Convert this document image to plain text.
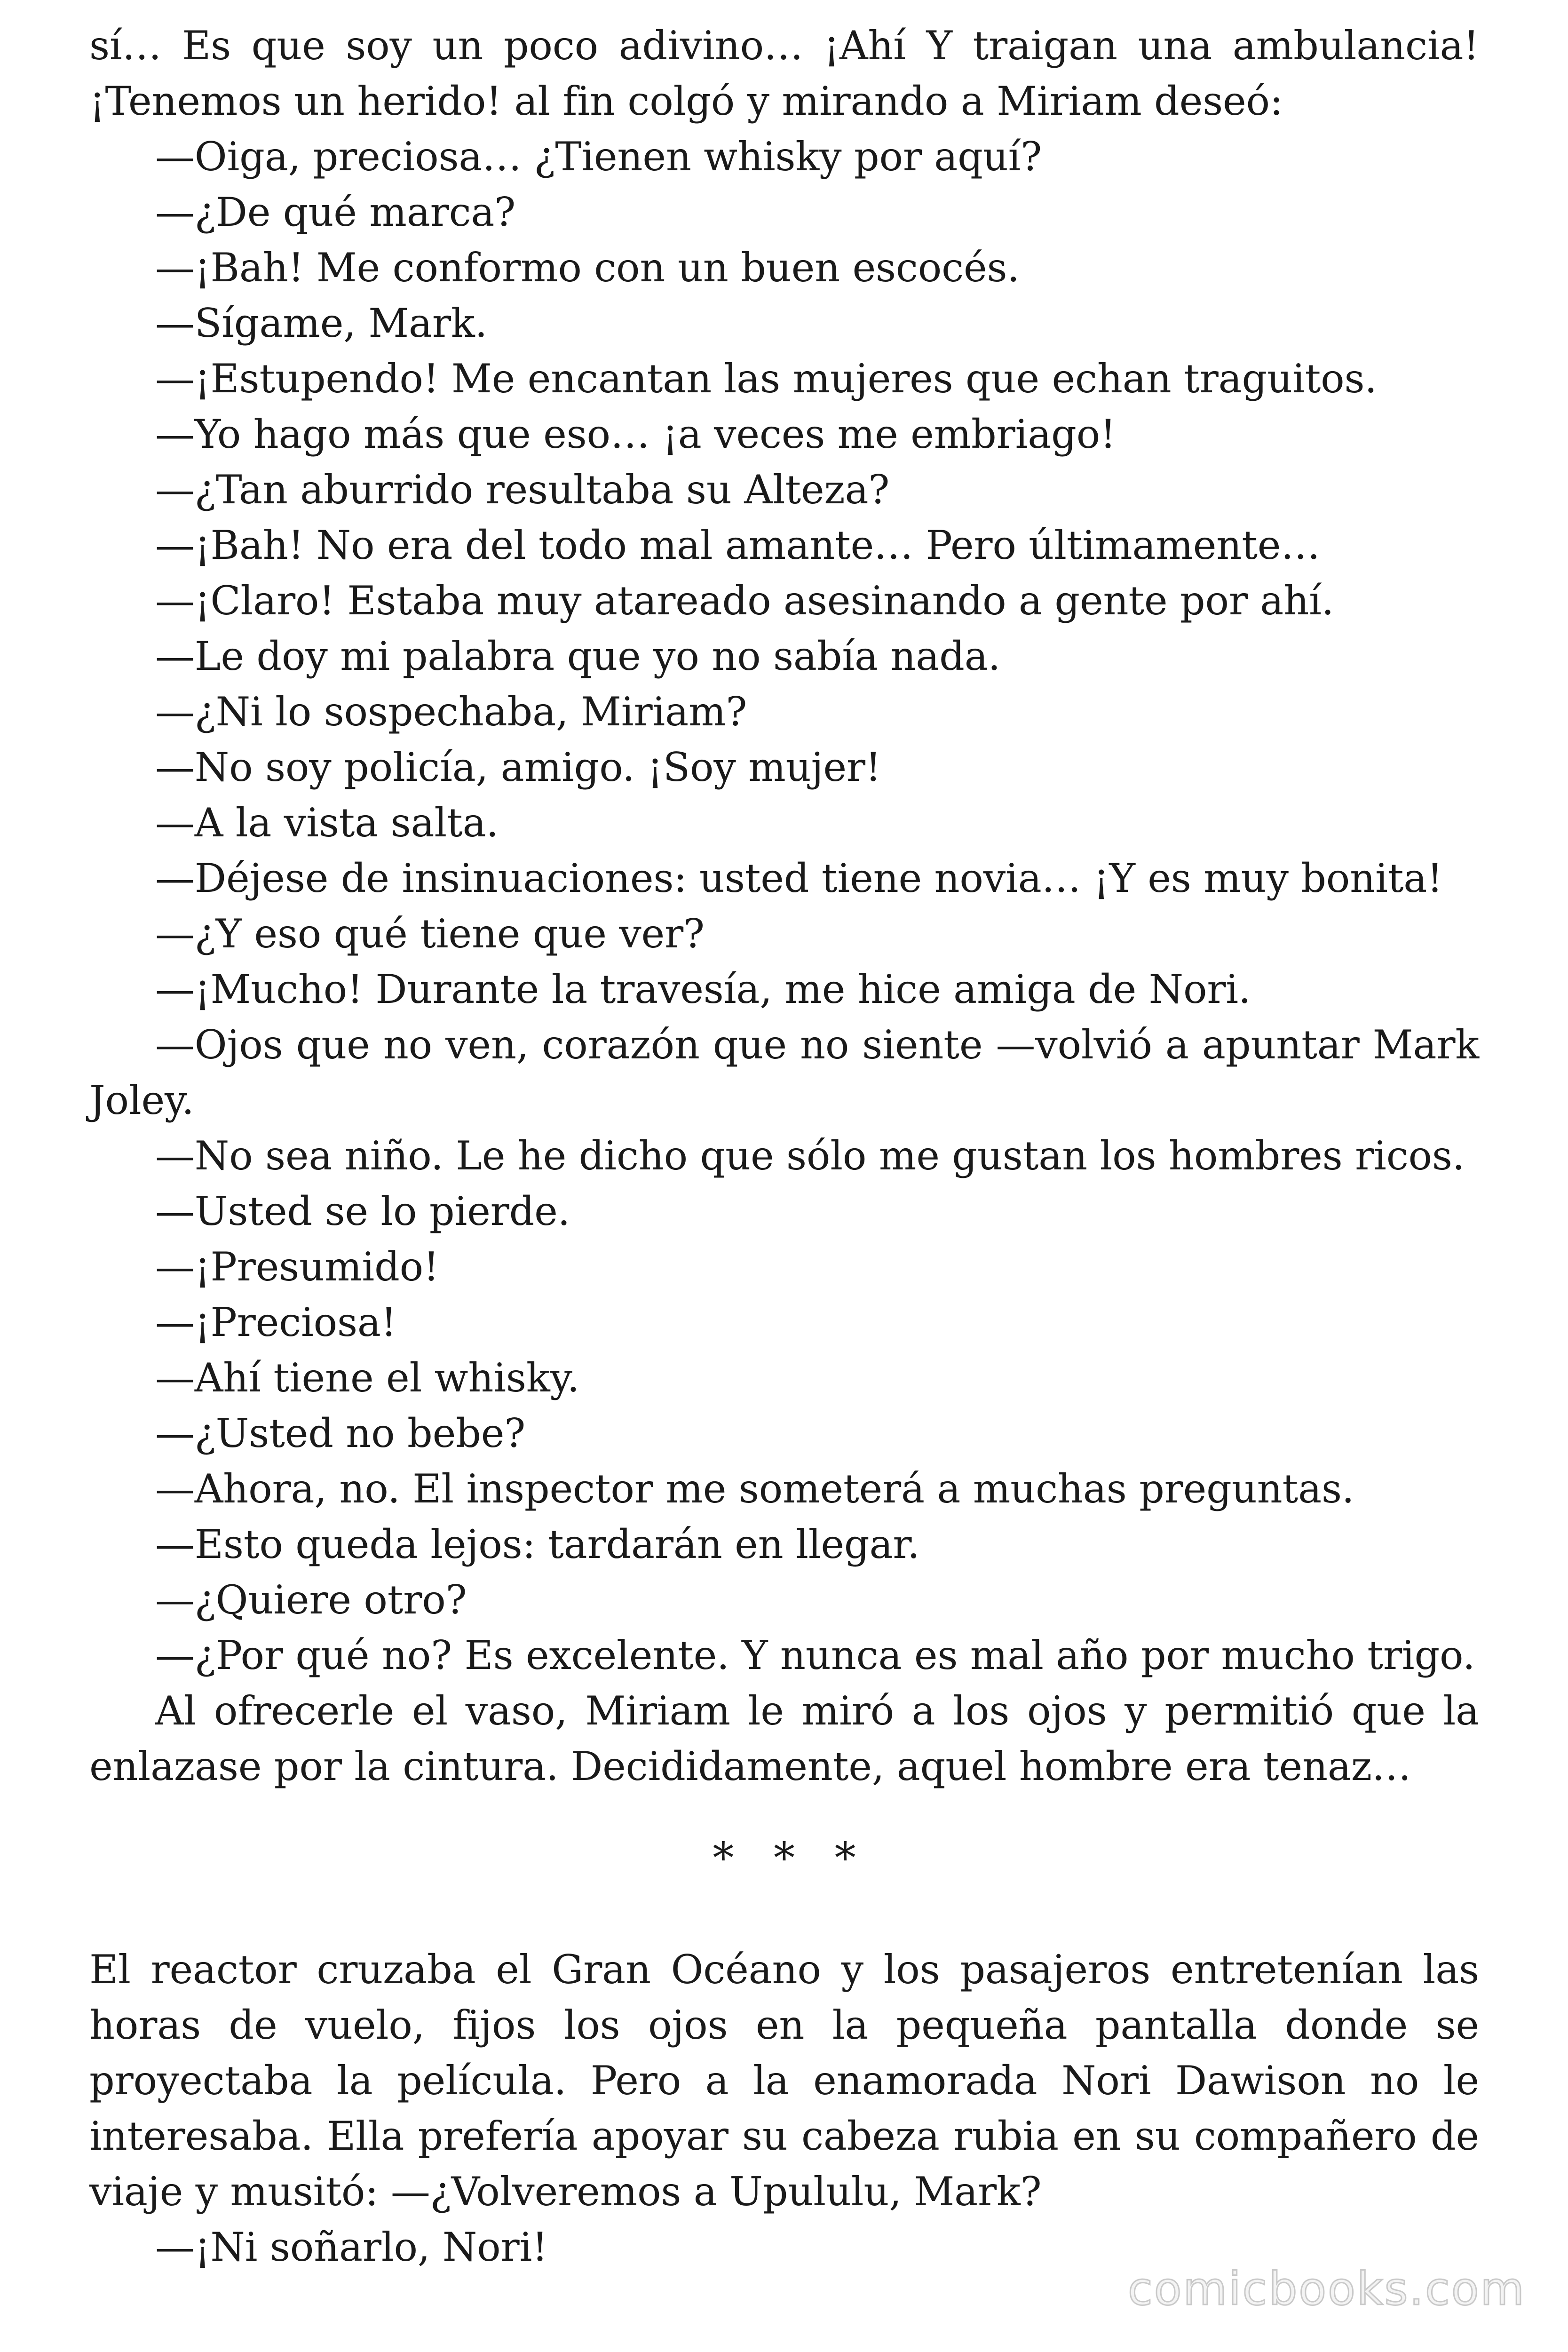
sí… Es que soy un poco adivino… ¡Ahí Y traigan una ambulancia! ¡Tenemos un herido! al fin colgó y mirando a Miriam deseó:

—Oiga, preciosa… ¿Tienen whisky por aquí?

—¿De qué marca?

—¡Bah! Me conformo con un buen escocés.

—Sígame, Mark.

—¡Estupendo! Me encantan las mujeres que echan traguitos.

—Yo hago más que eso… ¡a veces me embriago!

—¿Tan aburrido resultaba su Alteza?

—¡Bah! No era del todo mal amante… Pero últimamente…

—¡Claro! Estaba muy atareado asesinando a gente por ahí.

—Le doy mi palabra que yo no sabía nada.

—¿Ni lo sospechaba, Miriam?

—No soy policía, amigo. ¡Soy mujer!

—A la vista salta.

—Déjese de insinuaciones: usted tiene novia… ¡Y es muy bonita!

—¿Y eso qué tiene que ver?

—¡Mucho! Durante la travesía, me hice amiga de Nori.

—Ojos que no ven, corazón que no siente —volvió a apuntar Mark Joley.

—No sea niño. Le he dicho que sólo me gustan los hombres ricos.

—Usted se lo pierde.

—¡Presumido!

—¡Preciosa!

—Ahí tiene el whisky.

—¿Usted no bebe?

—Ahora, no. El inspector me someterá a muchas preguntas.

—Esto queda lejos: tardarán en llegar.

—¿Quiere otro?

—¿Por qué no? Es excelente. Y nunca es mal año por mucho trigo.

Al ofrecerle el vaso, Miriam le miró a los ojos y permitió que la enlazase por la cintura. Decididamente, aquel hombre era tenaz…

* * *

El reactor cruzaba el Gran Océano y los pasajeros entretenían las horas de vuelo, fijos los ojos en la pequeña pantalla donde se proyectaba la película. Pero a la enamorada Nori Dawison no le interesaba. Ella prefería apoyar su cabeza rubia en su compañero de viaje y musitó: —¿Volveremos a Upululu, Mark?

—¡Ni soñarlo, Nori!

comicbooks.com
